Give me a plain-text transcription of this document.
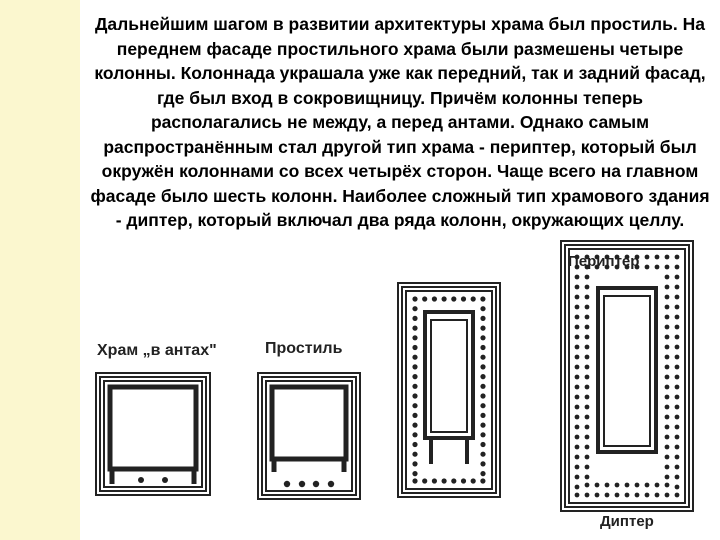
Дальнейшим шагом в развитии архитектуры храма был простиль. На переднем фасаде простильного храма были размешены четыре колонны. Колоннада украшала уже как передний, так и задний фасад, где был вход в сокровищницу. Причём колонны теперь располагались не между, а перед антами. Однако самым распространённым стал другой тип храма - периптер, который был окружён колоннами со всех четырёх сторон. Чаще всего на главном фасаде было шесть колонн. Наиболее сложный тип храмового здания - диптер, который включал два ряда колонн, окружающих целлу.

Храм „в антах"	Простиль
Периптер
Диптер
